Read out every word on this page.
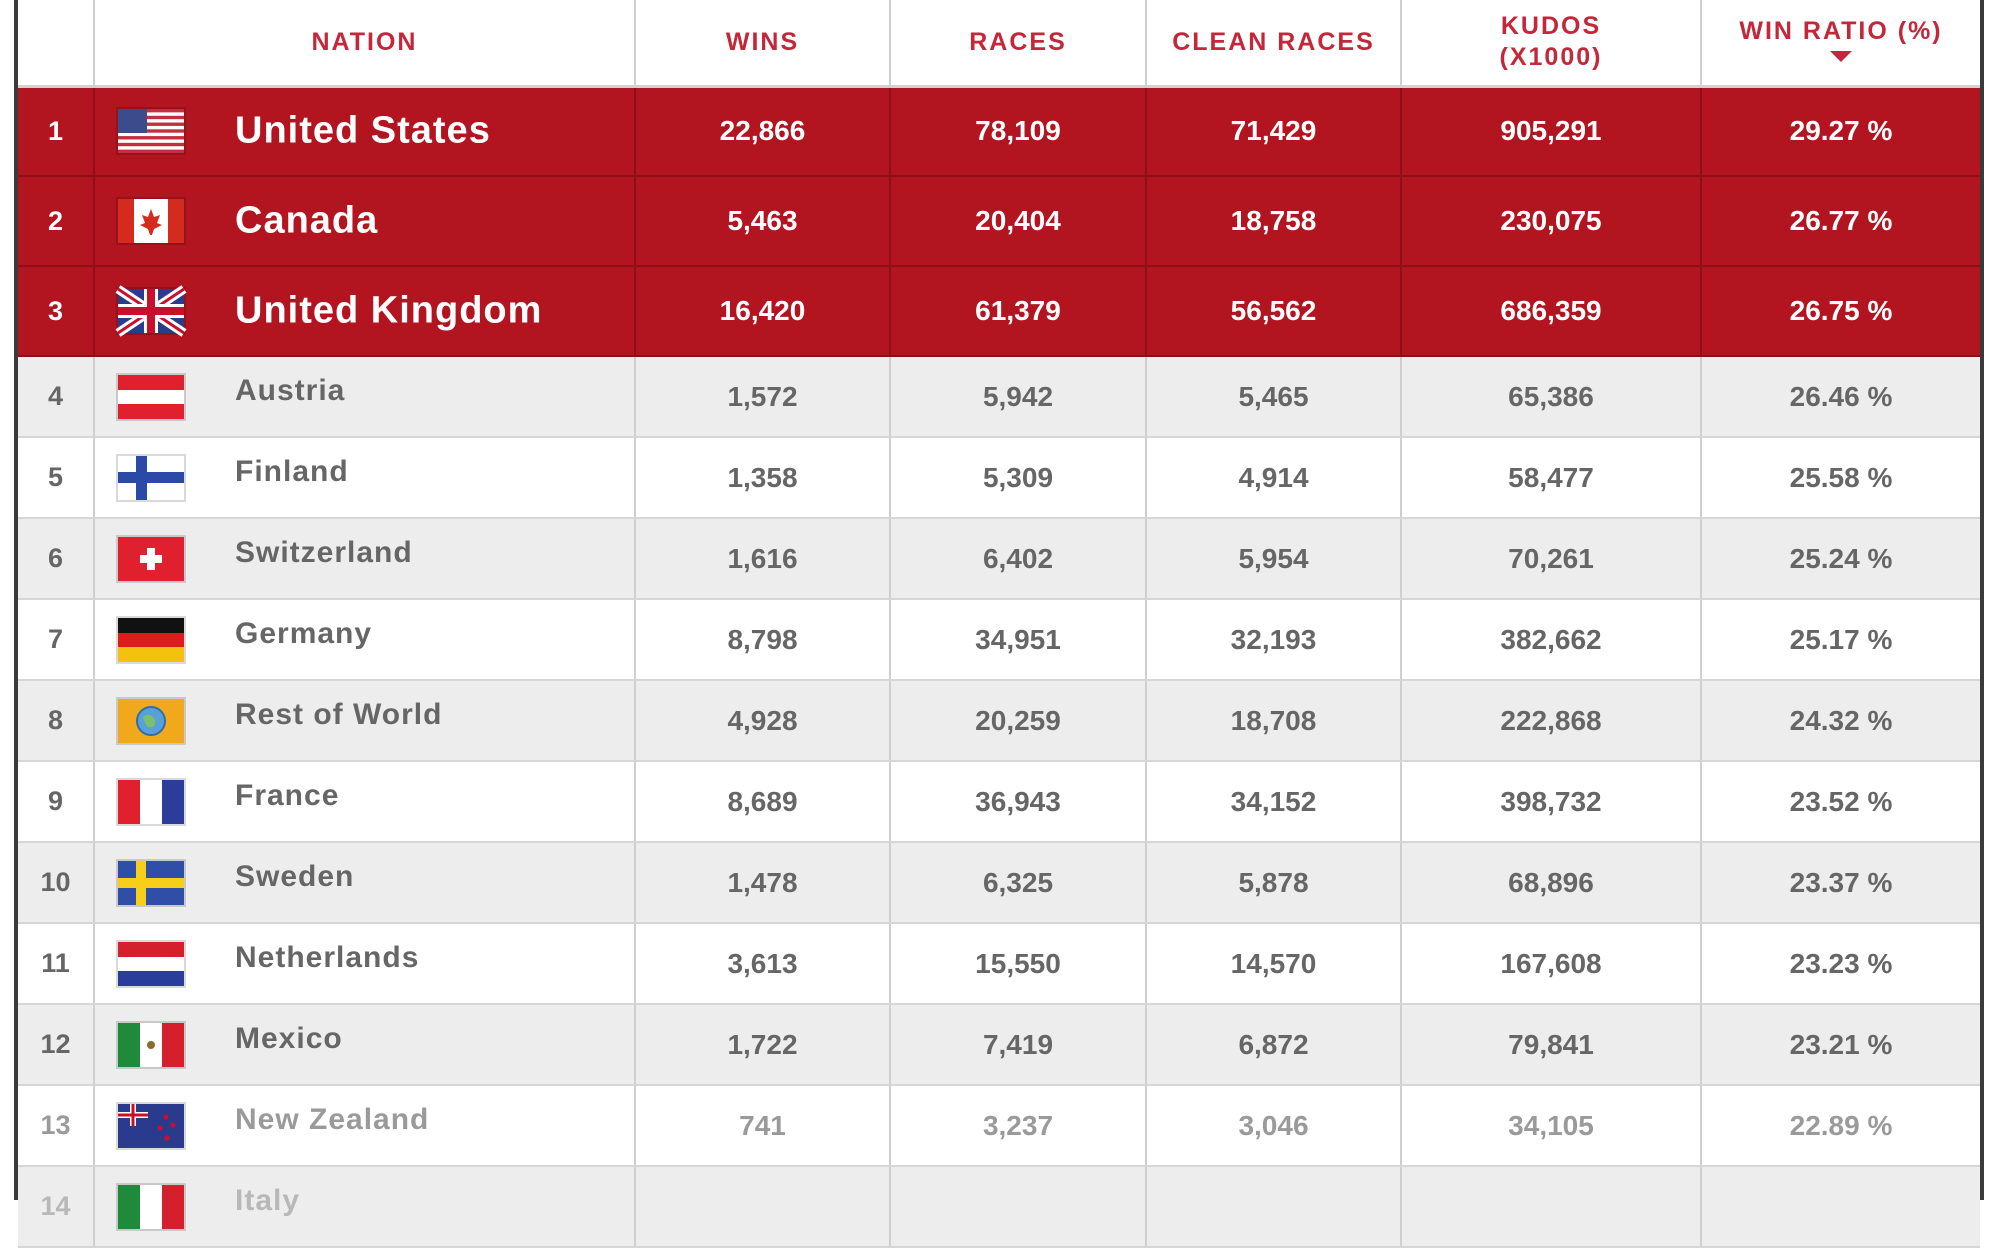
	NATION	WINS	RACES	CLEAN RACES	KUDOS (X1000)	WIN RATIO (%)

1	United States	22,866	78,109	71,429	905,291	29.27 %
2	Canada	5,463	20,404	18,758	230,075	26.77 %
3	United Kingdom	16,420	61,379	56,562	686,359	26.75 %
4	Austria	1,572	5,942	5,465	65,386	26.46 %
5	Finland	1,358	5,309	4,914	58,477	25.58 %
6	Switzerland	1,616	6,402	5,954	70,261	25.24 %
7	Germany	8,798	34,951	32,193	382,662	25.17 %
8	Rest of World	4,928	20,259	18,708	222,868	24.32 %
9	France	8,689	36,943	34,152	398,732	23.52 %
10	Sweden	1,478	6,325	5,878	68,896	23.37 %
11	Netherlands	3,613	15,550	14,570	167,608	23.23 %
12	Mexico	1,722	7,419	6,872	79,841	23.21 %
13	New Zealand	741	3,237	3,046	34,105	22.89 %
14	Italy					
